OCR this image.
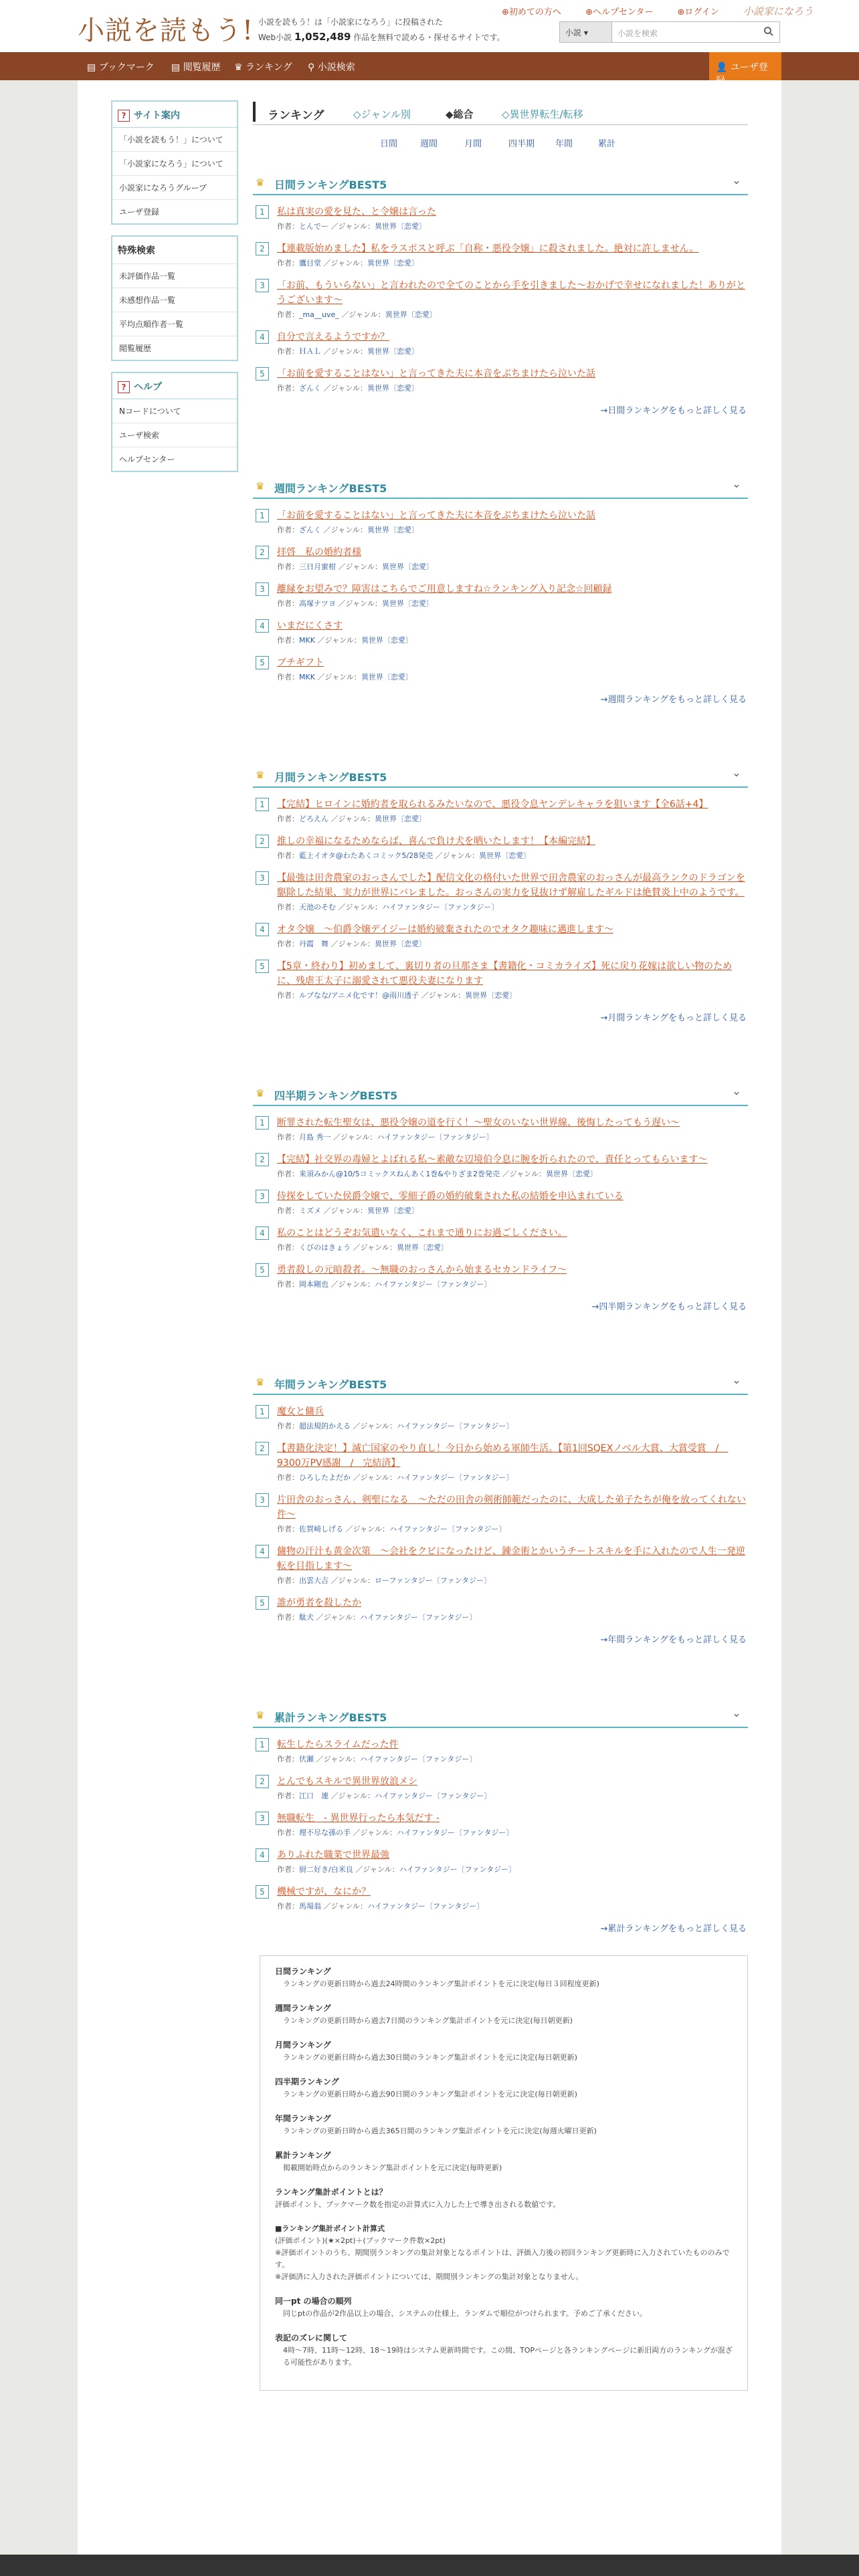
小説を読もう! 小説を読もう！は「小説家になろう」に投稿された
Web小説 1,052,489 作品を無料で読める・探せるサイトです。
⊕初めての方へ	⊕ヘルプセンター	⊕ログイン 小説家になろう
小説 ▾	小説を検索
▤ ブックマーク ▤ 閲覧履歴 ♛ ランキング ⚲ 小説検索	👤 ユーザ登
? サイト案内
「小説を読もう！」について
「小説家になろう」について
小説家になろうグループ
ユーザ登録
特殊検索
未評価作品一覧
未感想作品一覧
平均点順作者一覧
閲覧履歴
? ヘルプ
Nコードについて
ユーザ検索
ヘルプセンター
ランキング	◇ジャンル別	◆総合	◇異世界転生/転移
日間	週間	月間	四半期 年間	累計
♛ 日間ランキングBEST5	⌄
1	私は真実の愛を見た、と令嬢は言った
作者：とんでー ／ジャンル：異世界〔恋愛〕
2	【連載版始めました】私をラスボスと呼ぶ「自称・悪役令嬢」に殺されました。絶対に許しません。
作者：鷹目堂 ／ジャンル：異世界〔恋愛〕
3	「お前、もういらない」と言われたので全てのことから手を引きました〜おかげで幸せになれました！ありがとうございます〜
作者：_ma__uve_ ／ジャンル：異世界〔恋愛〕
4	自分で言えるようですか？
作者：ＨＡＬ ／ジャンル：異世界〔恋愛〕
5	「お前を愛することはない」と言ってきた夫に本音をぶちまけたら泣いた話
作者：ざんく ／ジャンル：異世界〔恋愛〕
→日間ランキングをもっと詳しく見る
♛ 週間ランキングBEST5	⌄
1	「お前を愛することはない」と言ってきた夫に本音をぶちまけたら泣いた話
作者：ざんく ／ジャンル：異世界〔恋愛〕
2	拝啓　私の婚約者様
作者：三日月蜜柑 ／ジャンル：異世界〔恋愛〕
3	離縁をお望みで？障害はこちらでご用意しますね☆ランキング入り記念☆回顧録
作者：高塚ナツヨ ／ジャンル：異世界〔恋愛〕
4	いまだにくさす
作者：MKK ／ジャンル：異世界〔恋愛〕
5	ブチギフト
作者：MKK ／ジャンル：異世界〔恋愛〕
→週間ランキングをもっと詳しく見る
♛ 月間ランキングBEST5	⌄
1	【完結】ヒロインに婚約者を取られるみたいなので、悪役令息ヤンデレキャラを狙います【全6話+4】
作者：どろえん ／ジャンル：異世界〔恋愛〕
2	推しの幸福になるためならば、喜んで負け犬を晒いたします！【本編完結】
作者：藍上イオタ@わたあくコミック5/28発売 ／ジャンル：異世界〔恋愛〕
3	【最強は田舎農家のおっさんでした】配信文化の格付いた世界で田舎農家のおっさんが最高ランクのドラゴンを駆除した結果、実力が世界にバレました。おっさんの実力を見抜けず解雇したギルドは絶賛炎上中のようです。
作者：天池のそむ ／ジャンル：ハイファンタジー〔ファンタジー〕
4	オタ令嬢　〜伯爵令嬢デイジーは婚約破棄されたのでオタク趣味に邁進します〜
作者：丹霞　舞 ／ジャンル：異世界〔恋愛〕
5	【5章・終わり】初めまして、裏切り者の旦那さま【書籍化・コミカライズ】死に戻り花嫁は欲しい物のために、残虐王太子に溺愛されて悪役夫妻になります
作者：ルブなな/アニメ化です！@雨川透子 ／ジャンル：異世界〔恋愛〕
→月間ランキングをもっと詳しく見る
♛ 四半期ランキングBEST5	⌄
1	断罪された転生聖女は、悪役令嬢の道を行く！〜聖女のいない世界線、後悔したってもう遅い〜
作者：月島 秀一 ／ジャンル：ハイファンタジー〔ファンタジー〕
2	【完結】社交界の毒婦とよばれる私〜素敵な辺境伯令息に腕を折られたので、責任とってもらいます〜
作者：来須みかん@10/5コミックスねんあく1巻&やりざま2巻発売 ／ジャンル：異世界〔恋愛〕
3	侍探をしていた侯爵令嬢で、零細子爵の婚約破棄された私の結婚を申込まれている
作者：ミズメ ／ジャンル：異世界〔恋愛〕
4	私のことはどうぞお気遣いなく、これまで通りにお過ごしください。
作者：くびのはきょう ／ジャンル：異世界〔恋愛〕
5	勇者殺しの元暗殺者。〜無職のおっさんから始まるセカンドライフ〜
作者：岡本剛也 ／ジャンル：ハイファンタジー〔ファンタジー〕
→四半期ランキングをもっと詳しく見る
♛ 年間ランキングBEST5	⌄
1	魔女と傭兵
作者：超法規的かえる ／ジャンル：ハイファンタジー〔ファンタジー〕
2	【書籍化決定！】滅亡国家のやり直し！今日から始める軍師生活。【第1回SQEXノベル大賞、大賞受賞　/　9300万PV感謝　/　完結済】
作者：ひろしたよだか ／ジャンル：ハイファンタジー〔ファンタジー〕
3	片田舎のおっさん、剣聖になる　〜ただの田舎の剣術師範だったのに、大成した弟子たちが俺を放ってくれない件〜
作者：佐賀崎しげる ／ジャンル：ハイファンタジー〔ファンタジー〕
4	傭物の汗汁も黄金次第　〜会社をクビになったけど、錬金術とかいうチートスキルを手に入れたので人生一発逆転を目指します〜
作者：出雲大吉 ／ジャンル：ローファンタジー〔ファンタジー〕
5	誰が勇者を殺したか
作者：駄犬 ／ジャンル：ハイファンタジー〔ファンタジー〕
→年間ランキングをもっと詳しく見る
♛ 累計ランキングBEST5	⌄
1	転生したらスライムだった件
作者：伏瀬 ／ジャンル：ハイファンタジー〔ファンタジー〕
2	とんでもスキルで異世界放浪メシ
作者：江口　連 ／ジャンル：ハイファンタジー〔ファンタジー〕
3	無職転生　- 異世界行ったら本気だす -
作者：理不尽な孫の手 ／ジャンル：ハイファンタジー〔ファンタジー〕
4	ありふれた職業で世界最強
作者：厨二好き/白米良 ／ジャンル：ハイファンタジー〔ファンタジー〕
5	機械ですが、なにか？
作者：馬場翁 ／ジャンル：ハイファンタジー〔ファンタジー〕
→累計ランキングをもっと詳しく見る
日間ランキング
ランキングの更新日時から過去24時間のランキング集計ポイントを元に決定(毎日３回程度更新)
週間ランキング
ランキングの更新日時から過去7日間のランキング集計ポイントを元に決定(毎日朝更新)
月間ランキング
ランキングの更新日時から過去30日間のランキング集計ポイントを元に決定(毎日朝更新)
四半期ランキング
ランキングの更新日時から過去90日間のランキング集計ポイントを元に決定(毎日朝更新)
年間ランキング
ランキングの更新日時から過去365日間のランキング集計ポイントを元に決定(毎週火曜日更新)
累計ランキング
掲載開始時点からのランキング集計ポイントを元に決定(毎時更新)
ランキング集計ポイントとは？
評価ポイント、ブックマーク数を指定の計算式に入力した上で導き出される数値です。
■ランキング集計ポイント計算式
(評価ポイント)(★×2pt)＋(ブックマーク件数×2pt)
※評価ポイントのうち、期間別ランキングの集計対象となるポイントは、評価入力後の初回ランキング更新時に入力されていたもののみです。
※評価済に入力された評価ポイントについては、期間別ランキングの集計対象となりません。
同一pt の場合の順列
同じptの作品が2作品以上の場合、システムの仕様上、ランダムで順位がつけられます。予めご了承ください。
表記のズレに関して
4時〜7時、11時〜12時、18〜19時はシステム更新時間です。この間、TOPページと各ランキングページに新旧両方のランキングが混ざる可能性があります。
